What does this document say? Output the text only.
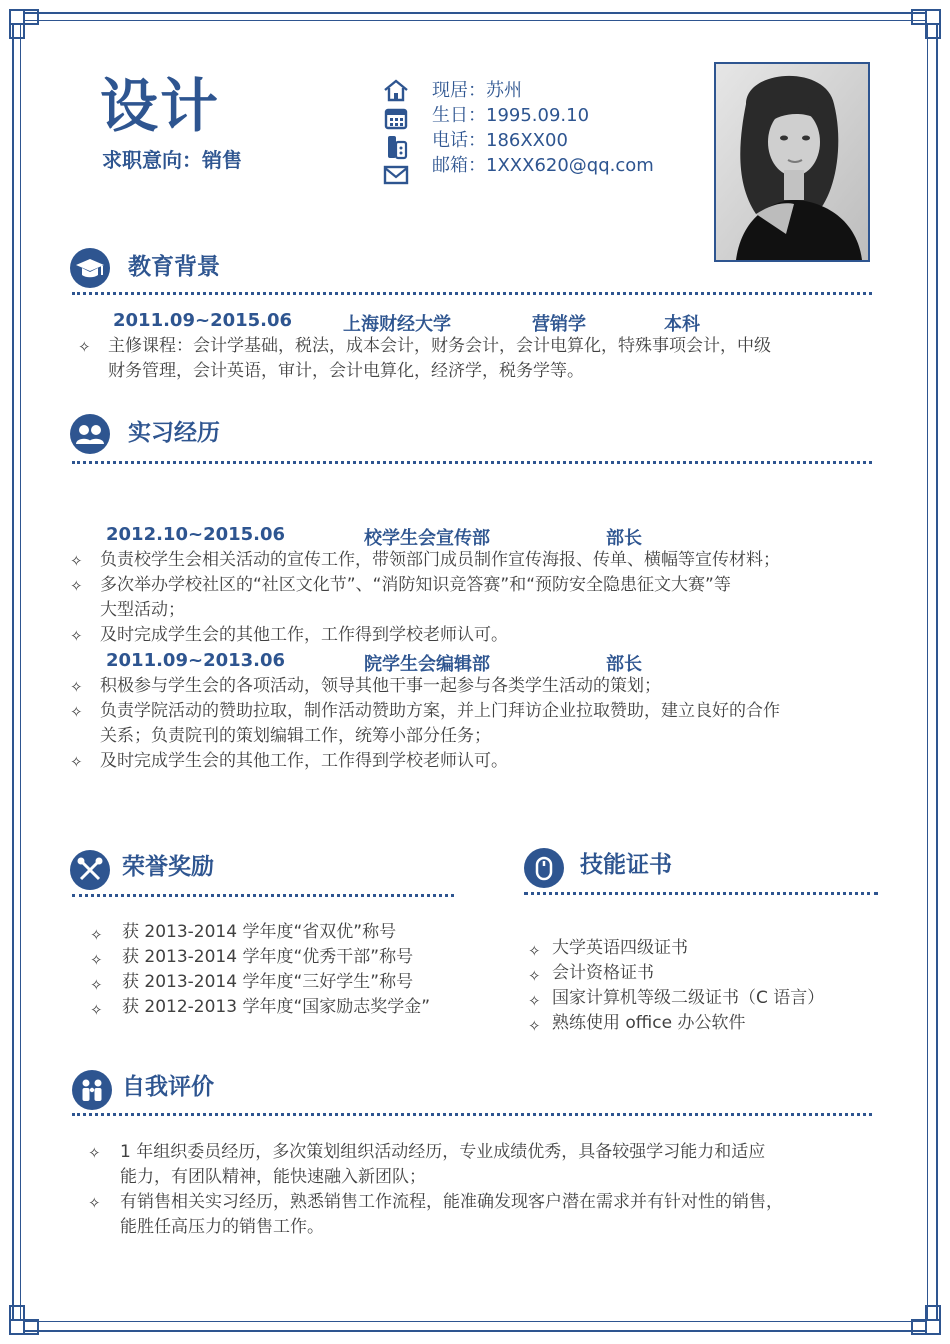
设计
求职意向：销售
现居：苏州
生日：1995.09.10
电话：186XX00
邮箱：1XXX620@qq.com
教育背景
2011.09~2015.06	上海财经大学	营销学	本科
✧ 主修课程：会计学基础，税法，成本会计，财务会计，会计电算化，特殊事项会计，中级
财务管理，会计英语，审计，会计电算化，经济学，税务学等。
实习经历
2012.10~2015.06	校学生会宣传部	部长
✧ 负责校学生会相关活动的宣传工作，带领部门成员制作宣传海报、传单、横幅等宣传材料；
✧ 多次举办学校社区的“社区文化节”、“消防知识竞答赛”和“预防安全隐患征文大赛”等
大型活动；
✧ 及时完成学生会的其他工作，工作得到学校老师认可。
2011.09~2013.06	院学生会编辑部	部长
✧ 积极参与学生会的各项活动，领导其他干事一起参与各类学生活动的策划；
✧ 负责学院活动的赞助拉取，制作活动赞助方案，并上门拜访企业拉取赞助，建立良好的合作
关系；负责院刊的策划编辑工作，统筹小部分任务；
✧ 及时完成学生会的其他工作，工作得到学校老师认可。
荣誉奖励
✧ 获 2013-2014 学年度“省双优”称号
✧ 获 2013-2014 学年度“优秀干部”称号
✧ 获 2013-2014 学年度“三好学生”称号
✧ 获 2012-2013 学年度“国家励志奖学金”
技能证书
✧ 大学英语四级证书
✧ 会计资格证书
✧ 国家计算机等级二级证书（C 语言）
✧ 熟练使用 office 办公软件
自我评价
✧ 1 年组织委员经历，多次策划组织活动经历，专业成绩优秀，具备较强学习能力和适应
能力，有团队精神，能快速融入新团队；
✧ 有销售相关实习经历，熟悉销售工作流程，能准确发现客户潜在需求并有针对性的销售，
能胜任高压力的销售工作。
